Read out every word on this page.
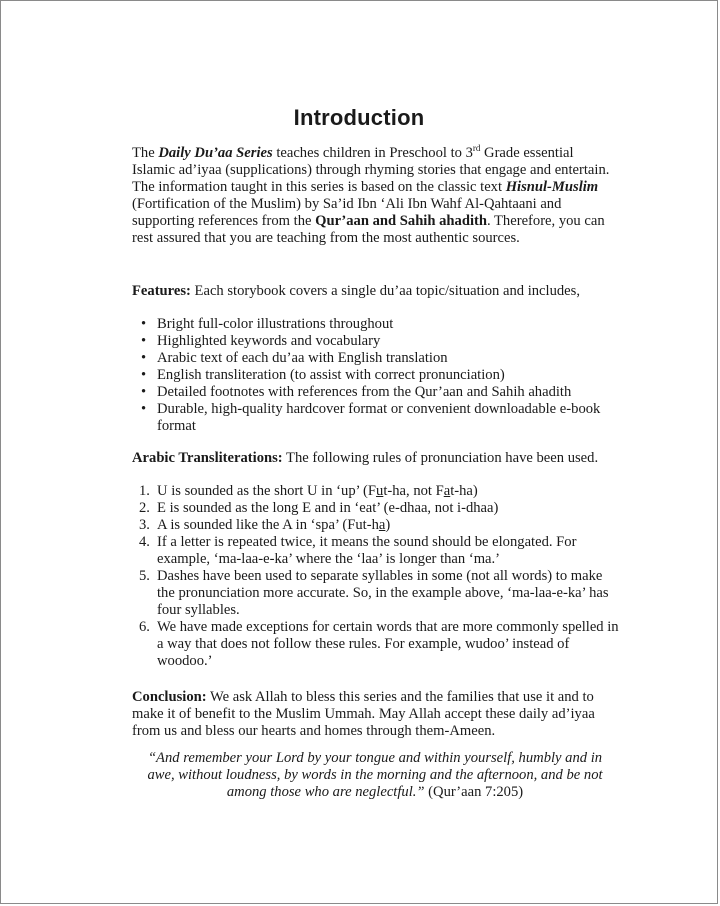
Introduction

The Daily Du’aa Series teaches children in Preschool to 3rd Grade essential Islamic ad’iyaa (supplications) through rhyming stories that engage and entertain. The information taught in this series is based on the classic text Hisnul-Muslim (Fortification of the Muslim) by Sa’id Ibn ‘Ali Ibn Wahf Al-Qahtaani and supporting references from the Qur’aan and Sahih ahadith. Therefore, you can rest assured that you are teaching from the most authentic sources.

Features: Each storybook covers a single du’aa topic/situation and includes,

• Bright full-color illustrations throughout
• Highlighted keywords and vocabulary
• Arabic text of each du’aa with English translation
• English transliteration (to assist with correct pronunciation)
• Detailed footnotes with references from the Qur’aan and Sahih ahadith
• Durable, high-quality hardcover format or convenient downloadable e-book format

Arabic Transliterations: The following rules of pronunciation have been used.

1. U is sounded as the short U in ‘up’ (Fut-ha, not Fat-ha)
2. E is sounded as the long E and in ‘eat’ (e-dhaa, not i-dhaa)
3. A is sounded like the A in ‘spa’ (Fut-ha)
4. If a letter is repeated twice, it means the sound should be elongated. For example, ‘ma-laa-e-ka’ where the ‘laa’ is longer than ‘ma.’
5. Dashes have been used to separate syllables in some (not all words) to make the pronunciation more accurate. So, in the example above, ‘ma-laa-e-ka’ has four syllables.
6. We have made exceptions for certain words that are more commonly spelled in a way that does not follow these rules. For example, wudoo’ instead of woodoo.’

Conclusion: We ask Allah to bless this series and the families that use it and to make it of benefit to the Muslim Ummah. May Allah accept these daily ad’iyaa from us and bless our hearts and homes through them-Ameen.

“And remember your Lord by your tongue and within yourself, humbly and in awe, without loudness, by words in the morning and the afternoon, and be not among those who are neglectful.” (Qur’aan 7:205)
